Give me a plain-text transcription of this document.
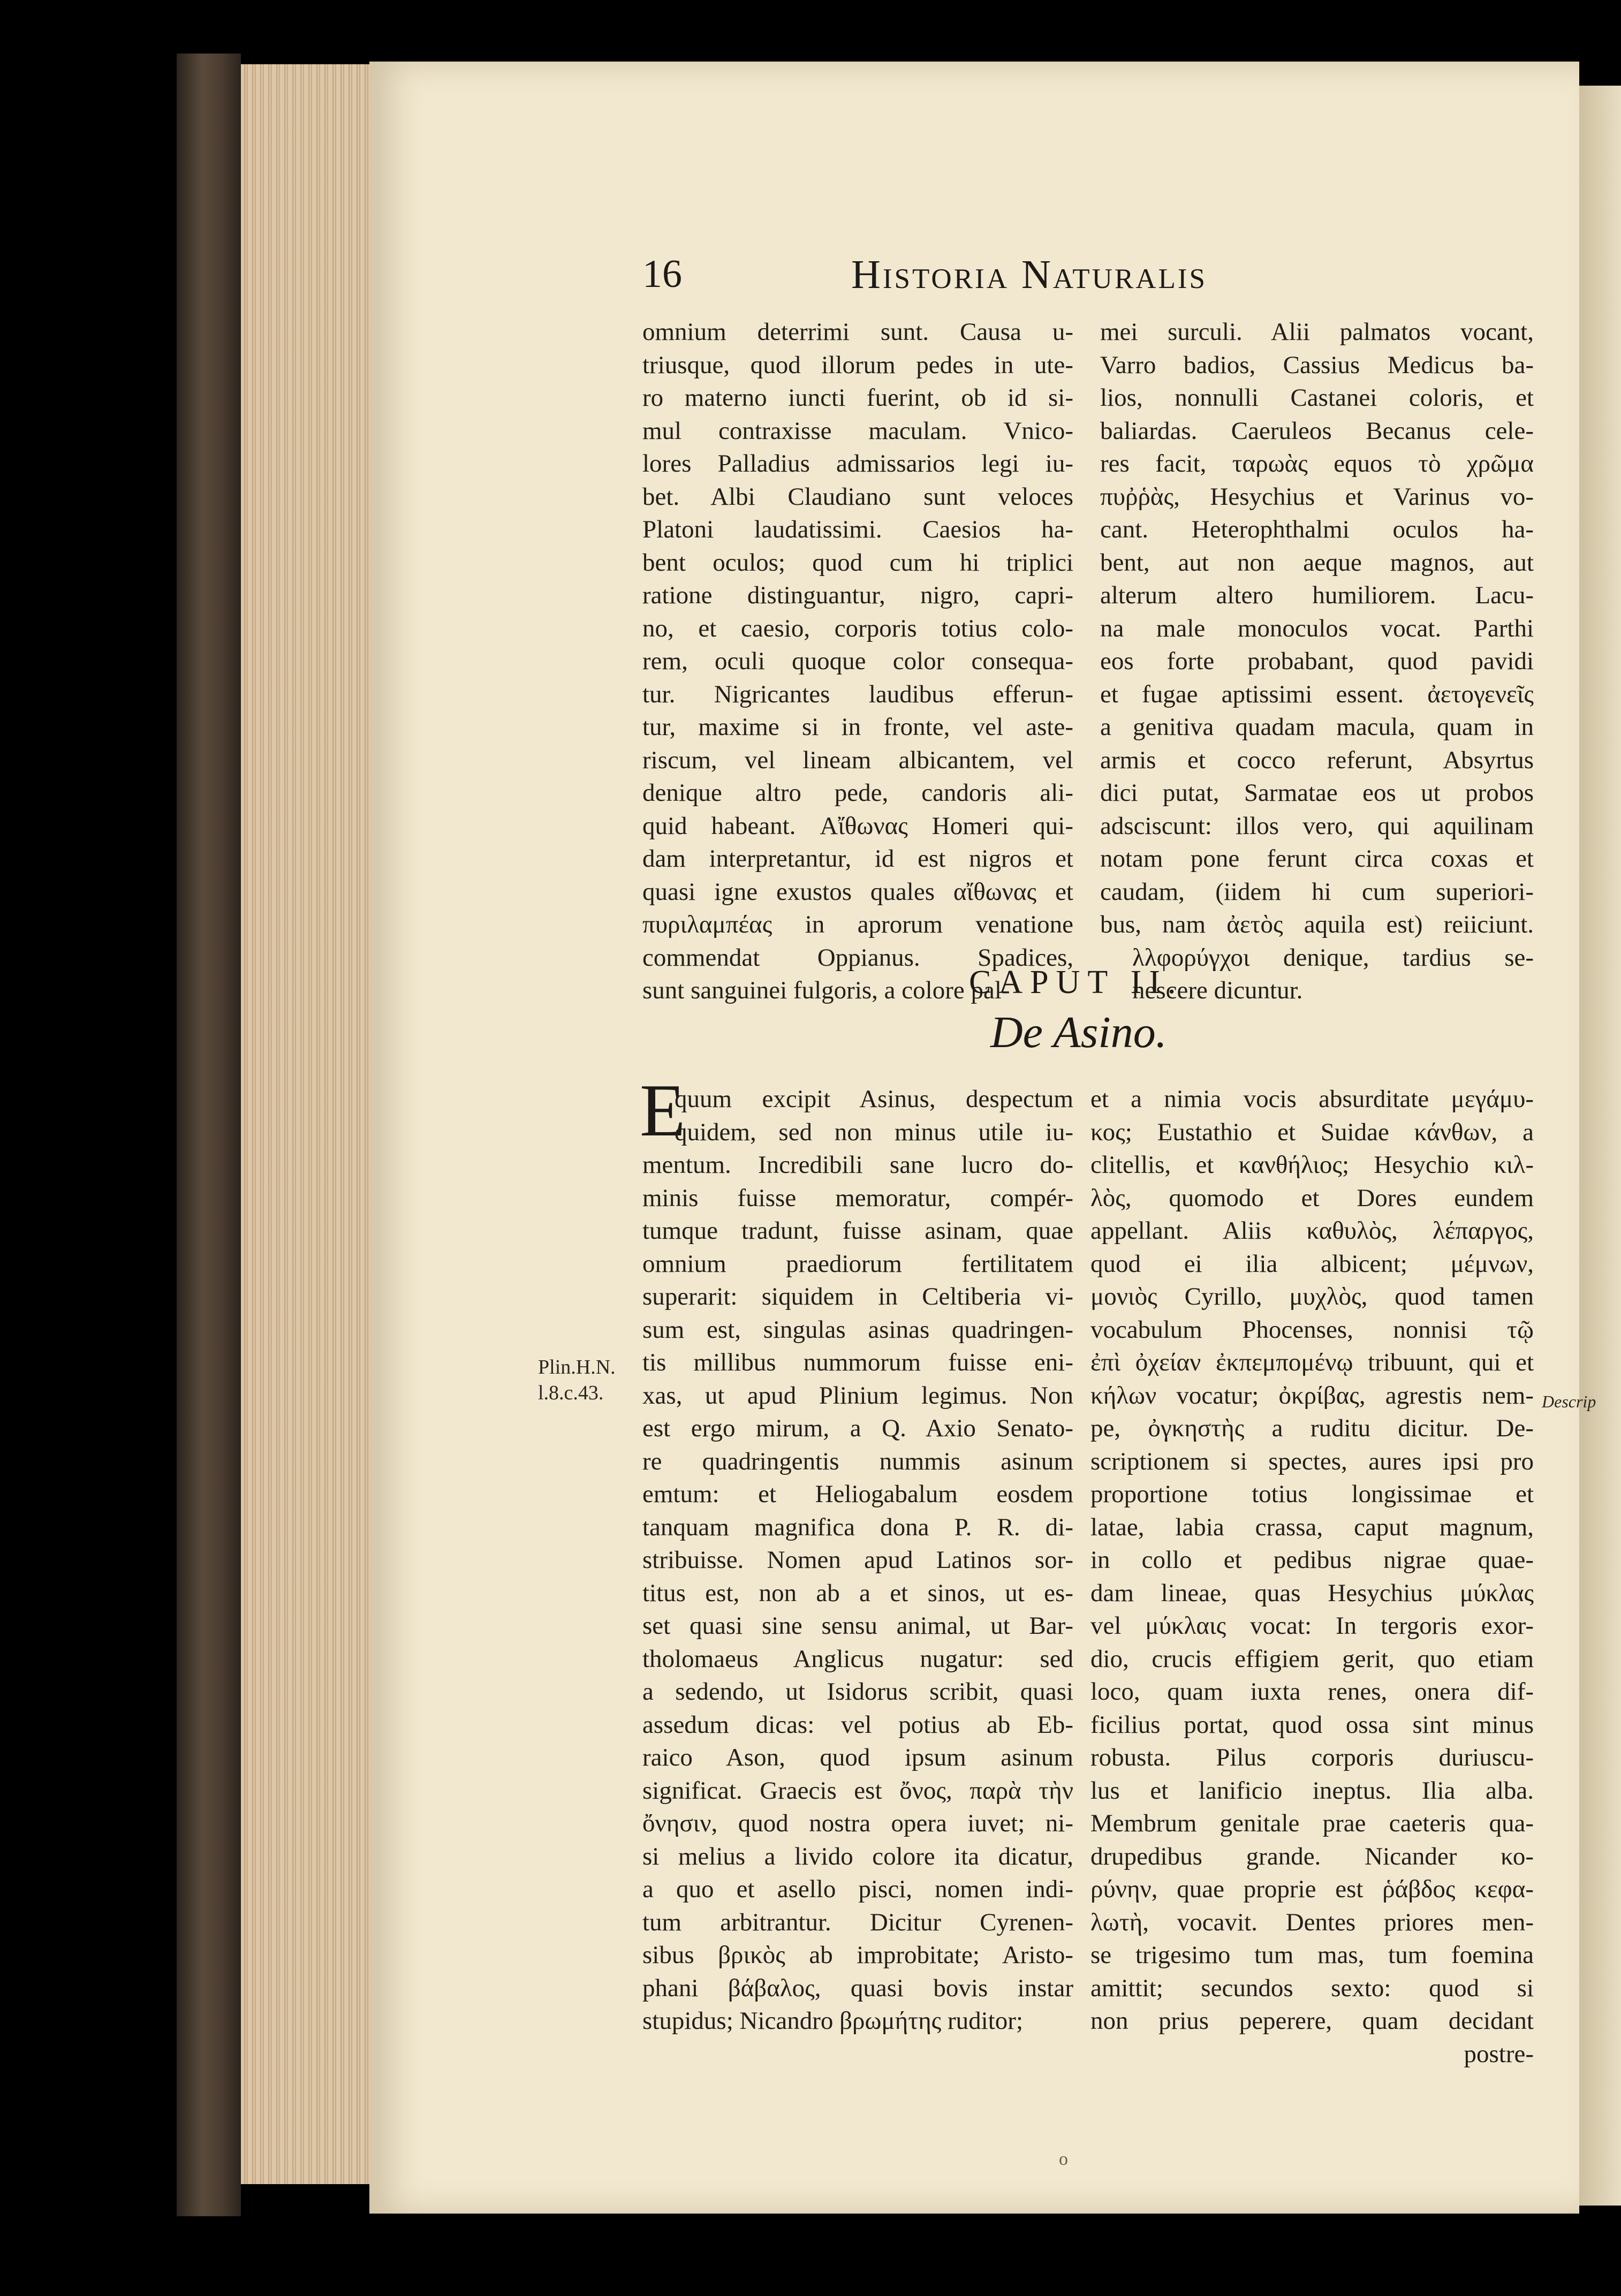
16	Historia Naturalis
omnium deterrimi sunt. Causa u-
triusque, quod illorum pedes in ute-
ro materno iuncti fuerint, ob id si-
mul contraxisse maculam. Vnico-
lores Palladius admissarios legi iu-
bet. Albi Claudiano sunt veloces
Platoni laudatissimi. Caesios ha-
bent oculos; quod cum hi triplici
ratione distinguantur, nigro, capri-
no, et caesio, corporis totius colo-
rem, oculi quoque color consequa-
tur. Nigricantes laudibus efferun-
tur, maxime si in fronte, vel aste-
riscum, vel lineam albicantem, vel
denique altro pede, candoris ali-
quid habeant. Αἴθωνας Homeri qui-
dam interpretantur, id est nigros et
quasi igne exustos quales αἴθωνας et
πυριλαμπέας in aprorum venatione
commendat Oppianus. Spadices,
sunt sanguinei fulgoris, a colore pal-
mei surculi. Alii palmatos vocant,
Varro badios, Cassius Medicus ba-
lios, nonnulli Castanei coloris, et
baliardas. Caeruleos Becanus cele-
res facit, ταρωὰς equos τὸ χρῶμα
πυῤῥὰς, Hesychius et Varinus vo-
cant. Heterophthalmi oculos ha-
bent, aut non aeque magnos, aut
alterum altero humiliorem. Lacu-
na male monoculos vocat. Parthi
eos forte probabant, quod pavidi
et fugae aptissimi essent. ἀετογενεῖς
a genitiva quadam macula, quam in
armis et cocco referunt, Absyrtus
dici putat, Sarmatae eos ut probos
adsciscunt: illos vero, qui aquilinam
notam pone ferunt circa coxas et
caudam, (iidem hi cum superiori-
bus, nam ἀετὸς aquila est) reiiciunt.
λλφορύγχοι denique, tardius se-
nescere dicuntur.
CAPUT II.
De Asino.
E
quum excipit Asinus, despectum
quidem, sed non minus utile iu-
mentum. Incredibili sane lucro do-
minis fuisse memoratur, compér-
tumque tradunt, fuisse asinam, quae
omnium praediorum fertilitatem
superarit: siquidem in Celtiberia vi-
sum est, singulas asinas quadringen-
tis millibus nummorum fuisse eni-
xas, ut apud Plinium legimus. Non
est ergo mirum, a Q. Axio Senato-
re quadringentis nummis asinum
emtum: et Heliogabalum eosdem
tanquam magnifica dona P. R. di-
stribuisse. Nomen apud Latinos sor-
titus est, non ab a et sinos, ut es-
set quasi sine sensu animal, ut Bar-
tholomaeus Anglicus nugatur: sed
a sedendo, ut Isidorus scribit, quasi
assedum dicas: vel potius ab Eb-
raico Ason, quod ipsum asinum
significat. Graecis est ὄνος, παρὰ τὴν
ὄνησιν, quod nostra opera iuvet; ni-
si melius a livido colore ita dicatur,
a quo et asello pisci, nomen indi-
tum arbitrantur. Dicitur Cyrenen-
sibus βρικὸς ab improbitate; Aristo-
phani βάβαλος, quasi bovis instar
stupidus; Nicandro βρωμήτης ruditor;
et a nimia vocis absurditate μεγάμυ-
κος; Eustathio et Suidae κάνθων, a
clitellis, et κανθήλιος; Hesychio κιλ-
λὸς, quomodo et Dores eundem
appellant. Aliis καθυλὸς, λέπαργος,
quod ei ilia albicent; μέμνων,
μονιὸς Cyrillo, μυχλὸς, quod tamen
vocabulum Phocenses, nonnisi τῷ
ἐπὶ ὀχείαν ἐκπεμπομένῳ tribuunt, qui et
κήλων vocatur; ὀκρίβας, agrestis nem-
pe, ὀγκηστὴς a ruditu dicitur. De-
scriptionem si spectes, aures ipsi pro
proportione totius longissimae et
latae, labia crassa, caput magnum,
in collo et pedibus nigrae quae-
dam lineae, quas Hesychius μύκλας
vel μύκλαις vocat: In tergoris exor-
dio, crucis effigiem gerit, quo etiam
loco, quam iuxta renes, onera dif-
ficilius portat, quod ossa sint minus
robusta. Pilus corporis duriuscu-
lus et lanificio ineptus. Ilia alba.
Membrum genitale prae caeteris qua-
drupedibus grande. Nicander κο-
ρύνην, quae proprie est ῥάβδος κεφα-
λωτὴ, vocavit. Dentes priores men-
se trigesimo tum mas, tum foemina
amittit; secundos sexto: quod si
non prius peperere, quam decidant
postre-
Plin.H.N.
l.8.c.43.	Descrip
o
